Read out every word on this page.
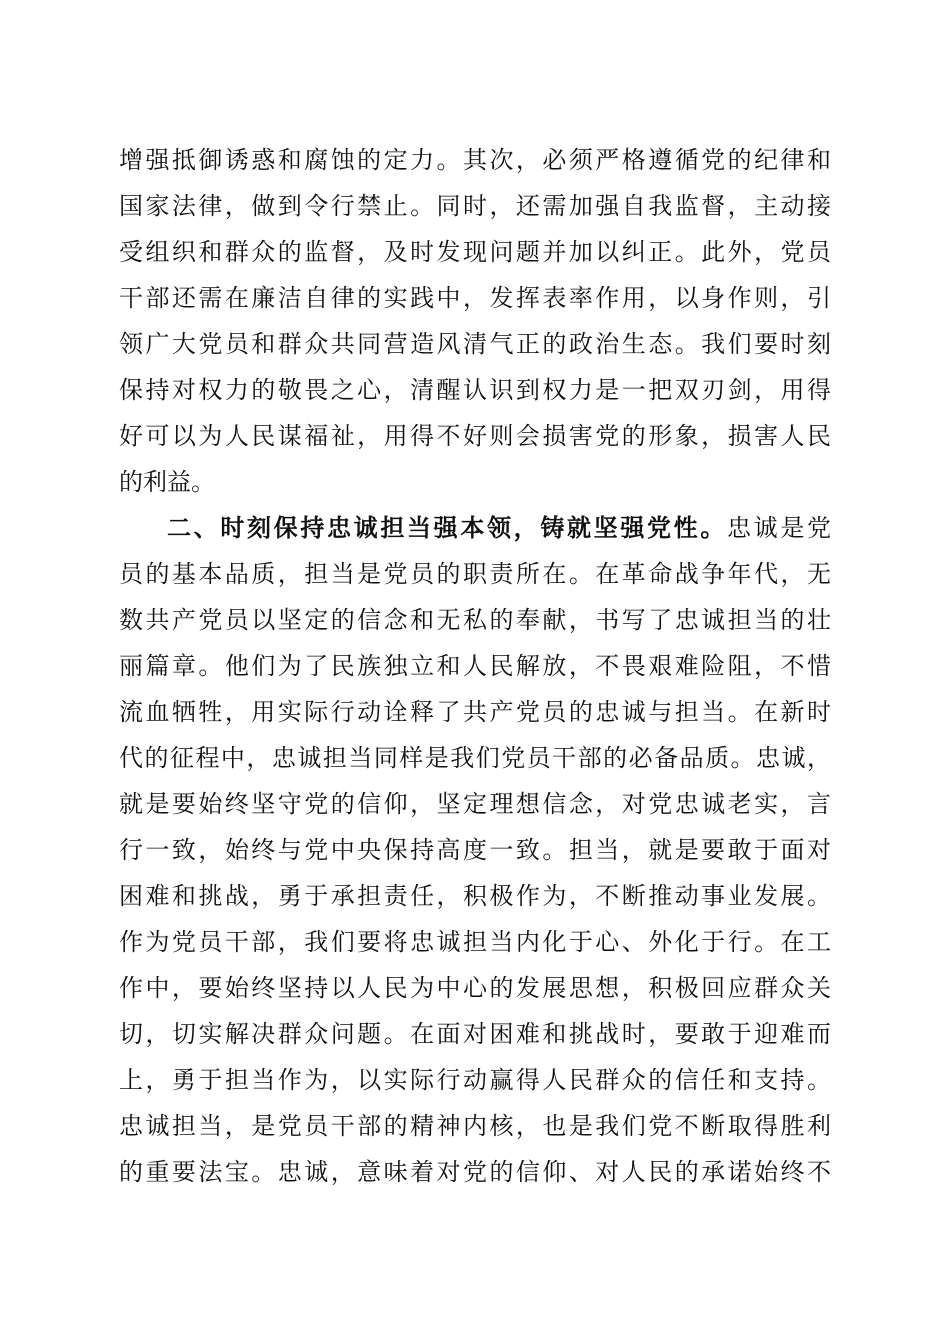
增强抵御诱惑和腐蚀的定力。其次，必须严格遵循党的纪律和
国家法律，做到令行禁止。同时，还需加强自我监督，主动接
受组织和群众的监督，及时发现问题并加以纠正。此外，党员
干部还需在廉洁自律的实践中，发挥表率作用，以身作则，引
领广大党员和群众共同营造风清气正的政治生态。我们要时刻
保持对权力的敬畏之心，清醒认识到权力是一把双刃剑，用得
好可以为人民谋福祉，用得不好则会损害党的形象，损害人民
的利益。
二、时刻保持忠诚担当强本领，铸就坚强党性。忠诚是党
员的基本品质，担当是党员的职责所在。在革命战争年代，无
数共产党员以坚定的信念和无私的奉献，书写了忠诚担当的壮
丽篇章。他们为了民族独立和人民解放，不畏艰难险阻，不惜
流血牺牲，用实际行动诠释了共产党员的忠诚与担当。在新时
代的征程中，忠诚担当同样是我们党员干部的必备品质。忠诚，
就是要始终坚守党的信仰，坚定理想信念，对党忠诚老实，言
行一致，始终与党中央保持高度一致。担当，就是要敢于面对
困难和挑战，勇于承担责任，积极作为，不断推动事业发展。
作为党员干部，我们要将忠诚担当内化于心、外化于行。在工
作中，要始终坚持以人民为中心的发展思想，积极回应群众关
切，切实解决群众问题。在面对困难和挑战时，要敢于迎难而
上，勇于担当作为，以实际行动赢得人民群众的信任和支持。
忠诚担当，是党员干部的精神内核，也是我们党不断取得胜利
的重要法宝。忠诚，意味着对党的信仰、对人民的承诺始终不
